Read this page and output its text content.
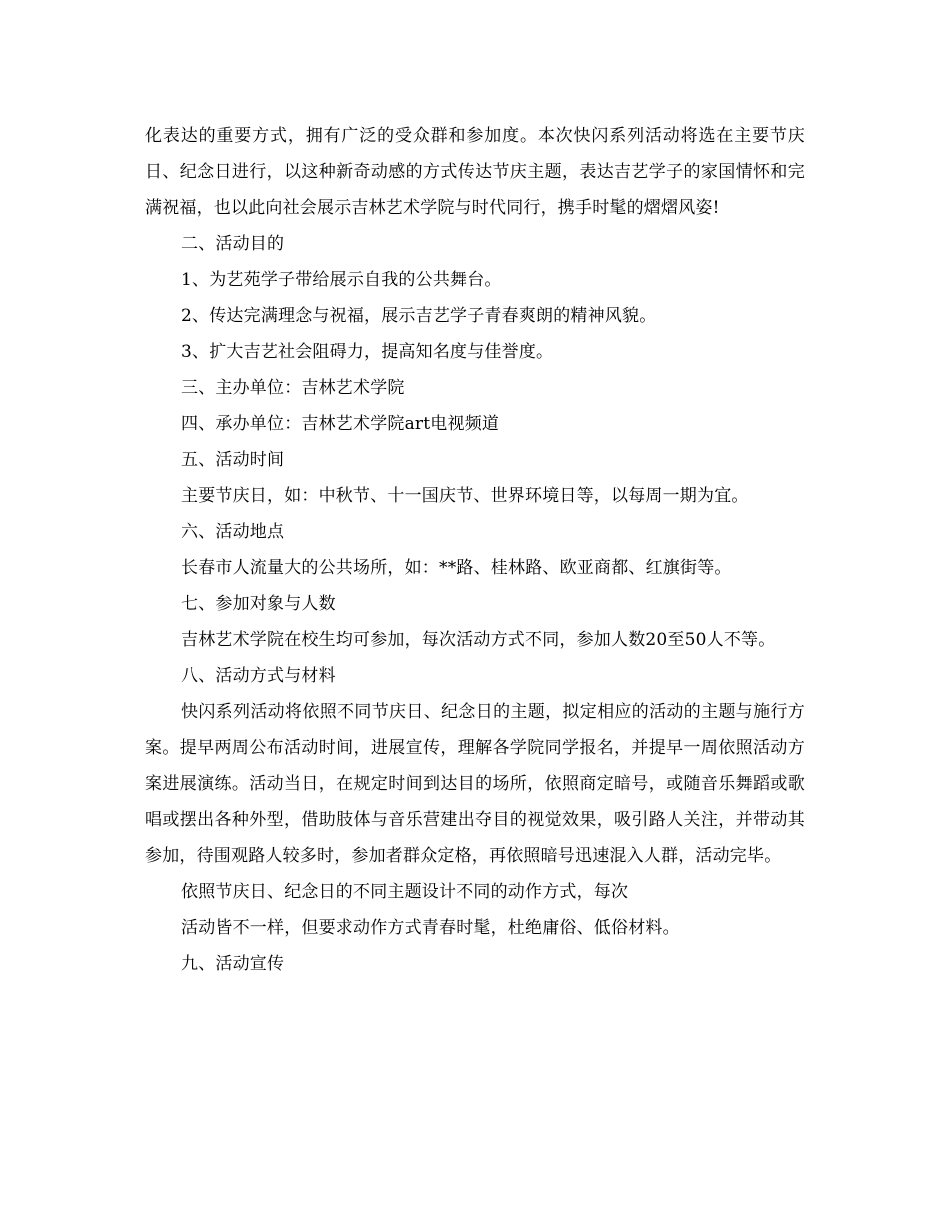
化表达的重要方式，拥有广泛的受众群和参加度。本次快闪系列活动将选在主要节庆日、纪念日进行，以这种新奇动感的方式传达节庆主题，表达吉艺学子的家国情怀和完满祝福，也以此向社会展示吉林艺术学院与时代同行，携手时髦的熠熠风姿!

二、活动目的

1、为艺苑学子带给展示自我的公共舞台。

2、传达完满理念与祝福，展示吉艺学子青春爽朗的精神风貌。

3、扩大吉艺社会阻碍力，提高知名度与佳誉度。

三、主办单位：吉林艺术学院

四、承办单位：吉林艺术学院art电视频道

五、活动时间

主要节庆日，如：中秋节、十一国庆节、世界环境日等，以每周一期为宜。

六、活动地点

长春市人流量大的公共场所，如：**路、桂林路、欧亚商都、红旗街等。

七、参加对象与人数

吉林艺术学院在校生均可参加，每次活动方式不同，参加人数20至50人不等。

八、活动方式与材料

快闪系列活动将依照不同节庆日、纪念日的主题，拟定相应的活动的主题与施行方案。提早两周公布活动时间，进展宣传，理解各学院同学报名，并提早一周依照活动方案进展演练。活动当日，在规定时间到达目的场所，依照商定暗号，或随音乐舞蹈或歌唱或摆出各种外型，借助肢体与音乐营建出夺目的视觉效果，吸引路人关注，并带动其参加，待围观路人较多时，参加者群众定格，再依照暗号迅速混入人群，活动完毕。

依照节庆日、纪念日的不同主题设计不同的动作方式，每次

活动皆不一样，但要求动作方式青春时髦，杜绝庸俗、低俗材料。

九、活动宣传
